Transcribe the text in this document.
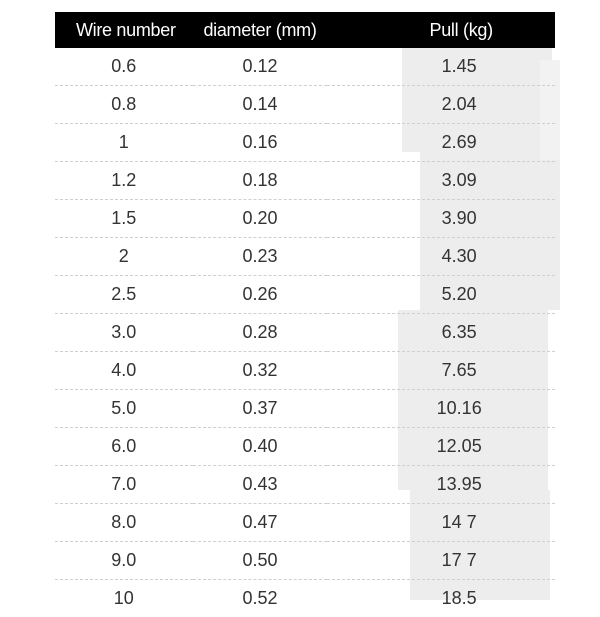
Wire number	diameter (mm)	Pull (kg)
0.6	0.12	1.45
0.8	0.14	2.04
1	0.16	2.69
1.2	0.18	3.09
1.5	0.20	3.90
2	0.23	4.30
2.5	0.26	5.20
3.0	0.28	6.35
4.0	0.32	7.65
5.0	0.37	10.16
6.0	0.40	12.05
7.0	0.43	13.95
8.0	0.47	14 7
9.0	0.50	17 7
10	0.52	18.5
